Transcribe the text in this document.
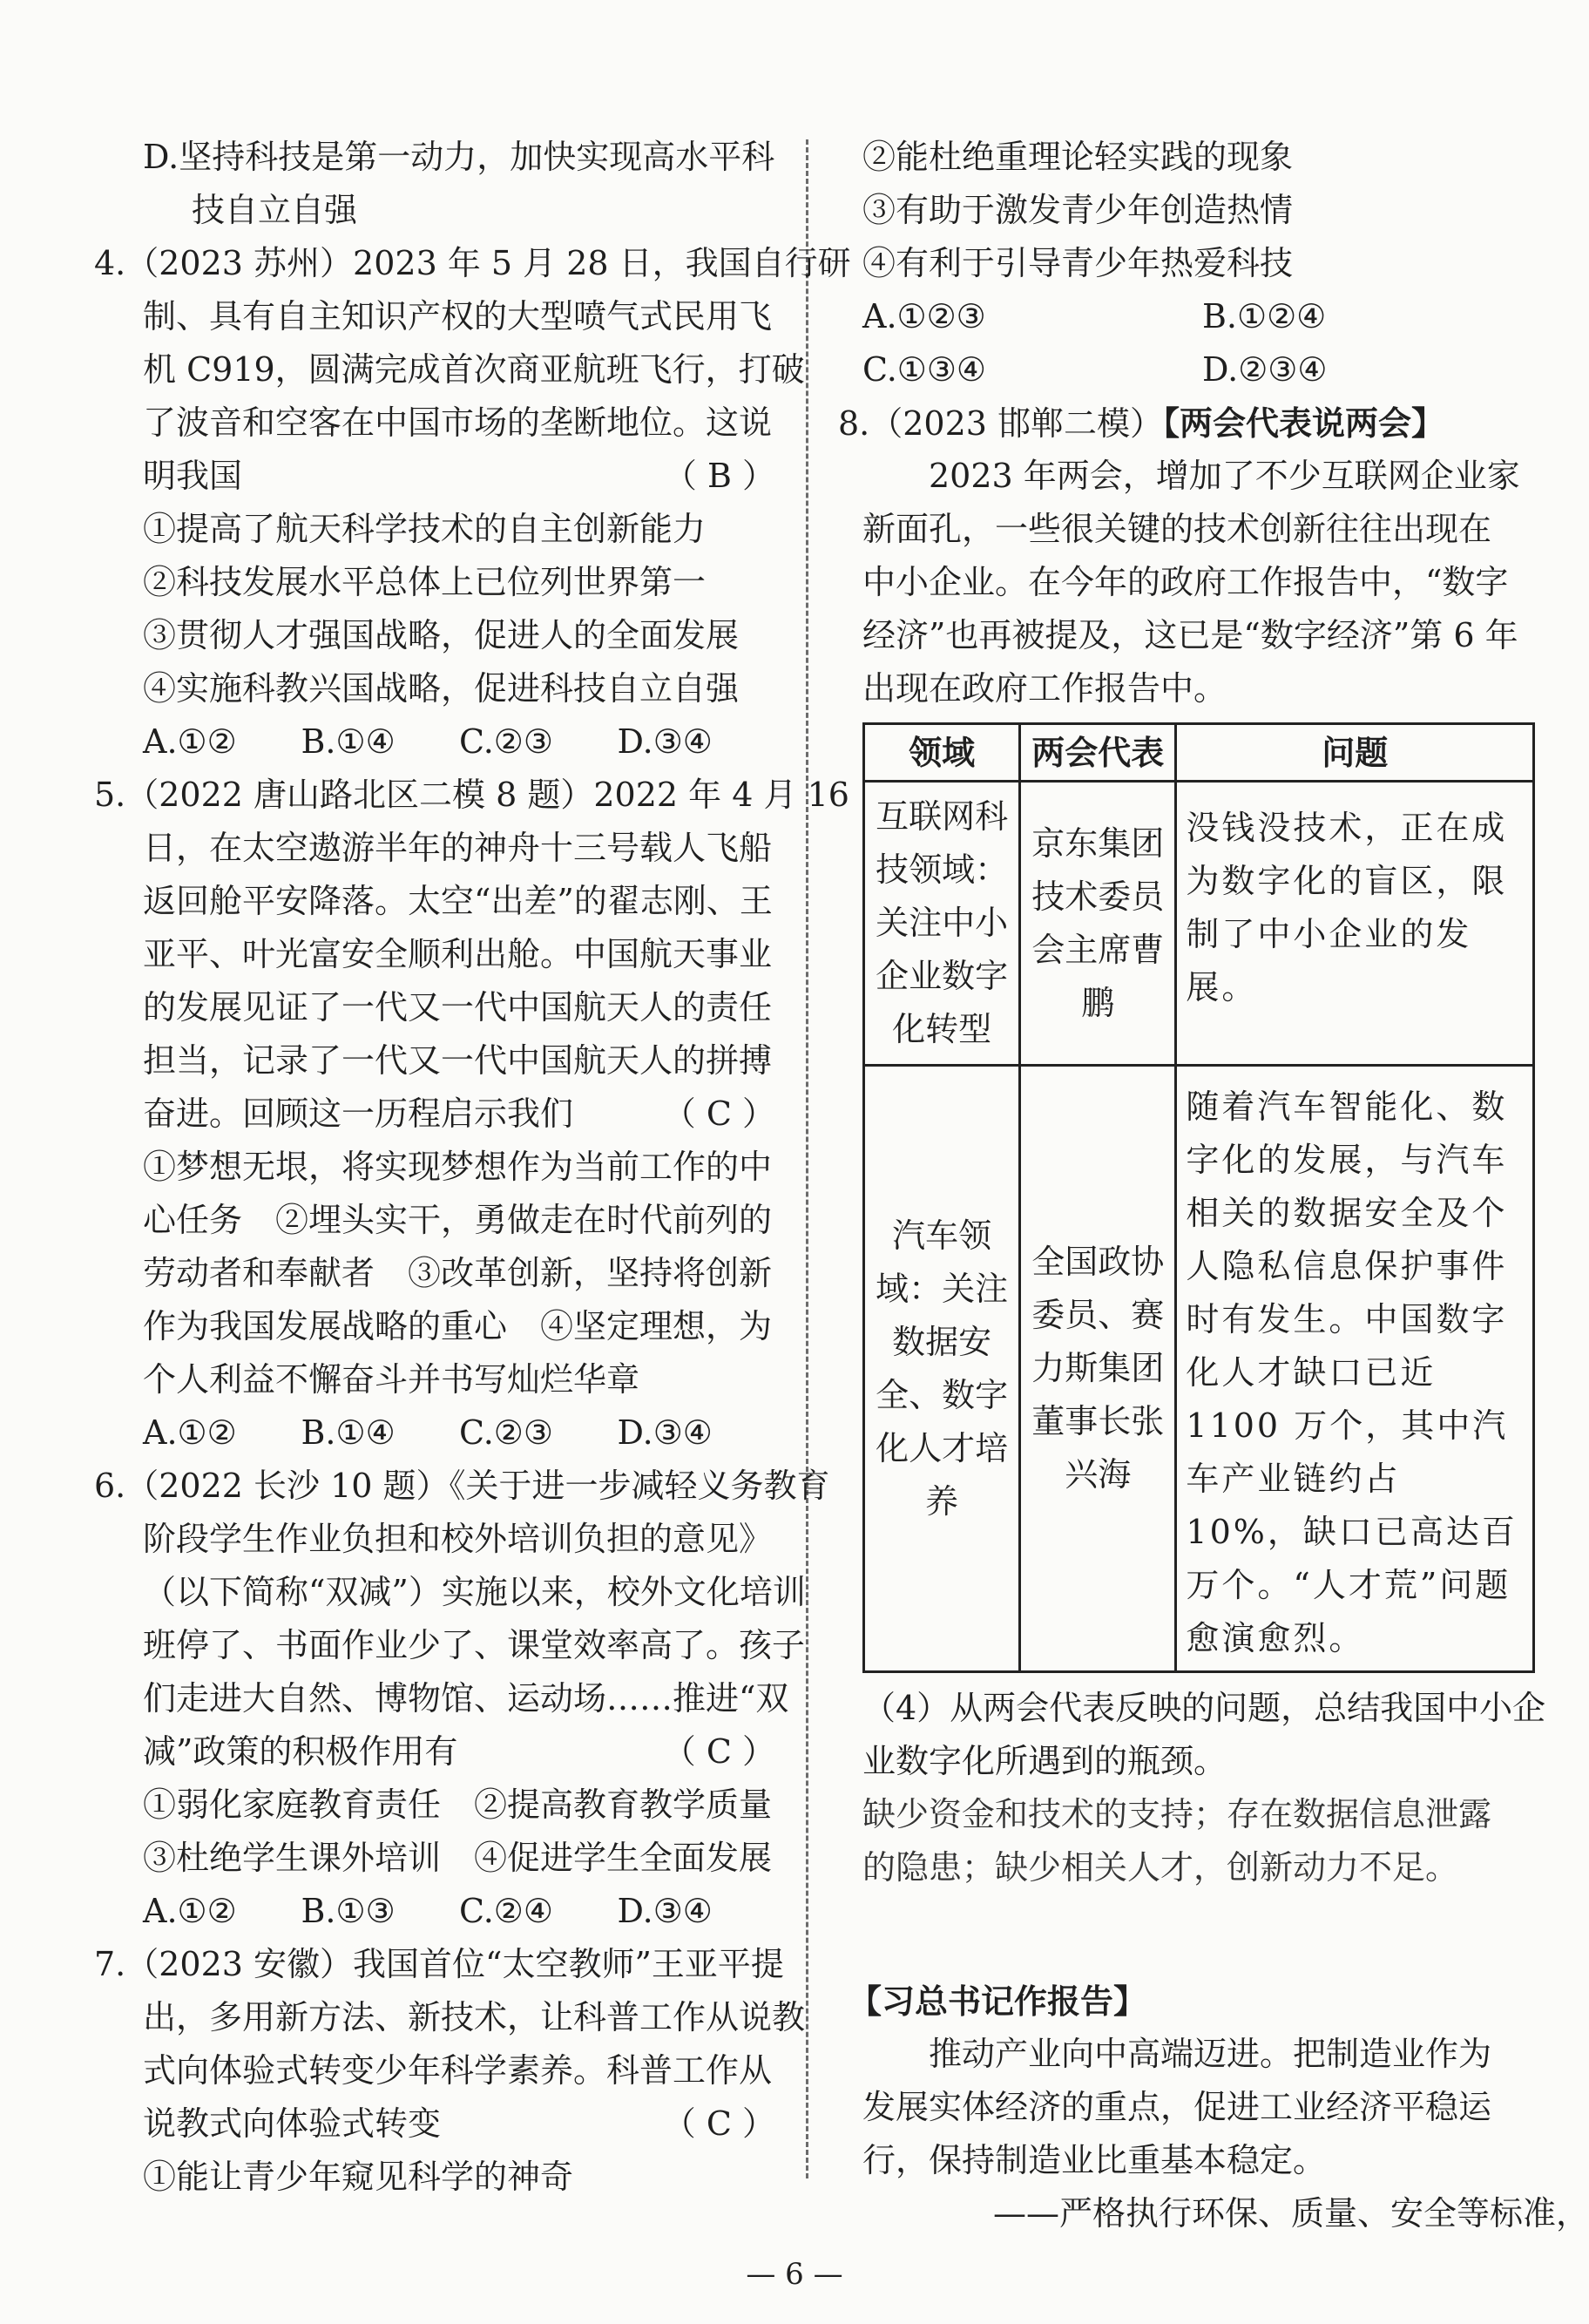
D.坚持科技是第一动力，加快实现高水平科
技自立自强
4.（2023 苏州）2023 年 5 月 28 日，我国自行研
制、具有自主知识产权的大型喷气式民用飞
机 C919，圆满完成首次商亚航班飞行，打破
了波音和空客在中国市场的垄断地位。这说
明我国	（ B ）
①提高了航天科学技术的自主创新能力
②科技发展水平总体上已位列世界第一
③贯彻人才强国战略，促进人的全面发展
④实施科教兴国战略，促进科技自立自强
A.①②	B.①④	C.②③	D.③④
5.（2022 唐山路北区二模 8 题）2022 年 4 月 16
日，在太空遨游半年的神舟十三号载人飞船
返回舱平安降落。太空“出差”的翟志刚、王
亚平、叶光富安全顺利出舱。中国航天事业
的发展见证了一代又一代中国航天人的责任
担当，记录了一代又一代中国航天人的拼搏
奋进。回顾这一历程启示我们	（ C ）
①梦想无垠，将实现梦想作为当前工作的中
心任务　②埋头实干，勇做走在时代前列的
劳动者和奉献者　③改革创新，坚持将创新
作为我国发展战略的重心　④坚定理想，为
个人利益不懈奋斗并书写灿烂华章
A.①②	B.①④	C.②③	D.③④
6.（2022 长沙 10 题）《关于进一步减轻义务教育
阶段学生作业负担和校外培训负担的意见》
（以下简称“双减”）实施以来，校外文化培训
班停了、书面作业少了、课堂效率高了。孩子
们走进大自然、博物馆、运动场……推进“双
减”政策的积极作用有	（ C ）
①弱化家庭教育责任　②提高教育教学质量
③杜绝学生课外培训　④促进学生全面发展
A.①②	B.①③	C.②④	D.③④
7.（2023 安徽）我国首位“太空教师”王亚平提
出，多用新方法、新技术，让科普工作从说教
式向体验式转变少年科学素养。科普工作从
说教式向体验式转变	（ C ）
①能让青少年窥见科学的神奇
②能杜绝重理论轻实践的现象
③有助于激发青少年创造热情
④有利于引导青少年热爱科技
A.①②③	B.①②④
C.①③④	D.②③④
8.（2023 邯郸二模）【两会代表说两会】
2023 年两会，增加了不少互联网企业家
新面孔，一些很关键的技术创新往往出现在
中小企业。在今年的政府工作报告中，“数字
经济”也再被提及，这已是“数字经济”第 6 年
出现在政府工作报告中。
领域	两会代表	问题
互联网科技领域：关注中小企业数字化转型	京东集团技术委员会主席曹鹏	没钱没技术，正在成为数字化的盲区，限制了中小企业的发展。
汽车领域：关注数据安全、数字化人才培养	全国政协委员、赛力斯集团董事长张兴海	随着汽车智能化、数字化的发展，与汽车相关的数据安全及个人隐私信息保护事件时有发生。中国数字化人才缺口已近 1100 万个，其中汽车产业链约占 10%，缺口已高达百万个。“人才荒”问题愈演愈烈。
（4）从两会代表反映的问题，总结我国中小企
业数字化所遇到的瓶颈。
缺少资金和技术的支持；存在数据信息泄露
的隐患；缺少相关人才，创新动力不足。
【习总书记作报告】
推动产业向中高端迈进。把制造业作为
发展实体经济的重点，促进工业经济平稳运
行，保持制造业比重基本稳定。
——严格执行环保、质量、安全等标准，
— 6 —
